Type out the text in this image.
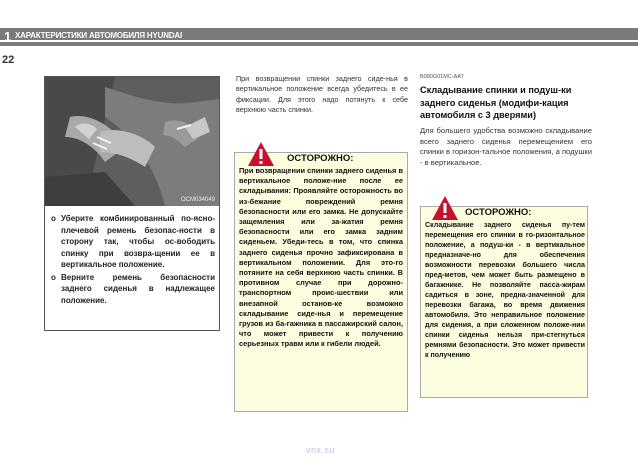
1 ХАРАКТЕРИСТИКИ АВТОМОБИЛЯ HYUNDAI
22
OCM034049
o Уберите комбинированный по-ясно-плечевой ремень безопас-ности в сторону так, чтобы ос-вободить спинку при возвра-щении ее в вертикальное положение.
o Верните ремень безопасности заднего сиденья в надлежащее положение.
При возвращении спинки заднего сиде-нья в вертикальное положение всегда убедитесь в ее фиксации. Для этого надо потянуть к себе верхнюю часть спинки.
ОСТОРОЖНО:
При возвращении спинки заднего сиденья в вертикальное положе-ние после ее складывания: Проявляйте осторожность во из-бежание повреждений ремня безопасности или его замка. Не допускайте защемления или за-жатия ремня безопасности или его замка задним сиденьем. Убеди-тесь в том, что спинка заднего сиденья прочно зафиксирована в вертикальном положении. Для это-го потяните на себя верхнюю часть спинки. В противном случае при дорожно-транспортном проис-шествии или внезапной останов-ке возможно складывание сиде-нья и перемещение грузов из ба-гажника в пассажирский салон, что может привести к получению серьезных травм или к гибели людей.
B080G01MC-AAT
Складывание спинки и подуш-ки заднего сиденья (модифи-кация автомобиля с 3 дверями)
Для большего удобства возможно складывание всего заднего сиденья перемещением его спинки в горизон-тальное положения, а подушки - в вертикальное.
ОСТОРОЖНО:
Складывание заднего сиденья пу-тем перемещения его спинки в го-ризонтальное положение, а подуш-ки - в вертикальное предназначе-но для обеспечения возможности перевозки большего числа пред-метов, чем может быть размещено в багажнике. Не позволяйте пасса-жирам садиться в зоне, предна-значенной для перевозки багажа, во время движения автомобиля. Это неправильное положение для сидения, а при сложенном положе-нии спинки сиденья нельзя при-стегнуться ремнями безопасности. Это может привести к получению
vnx.su
